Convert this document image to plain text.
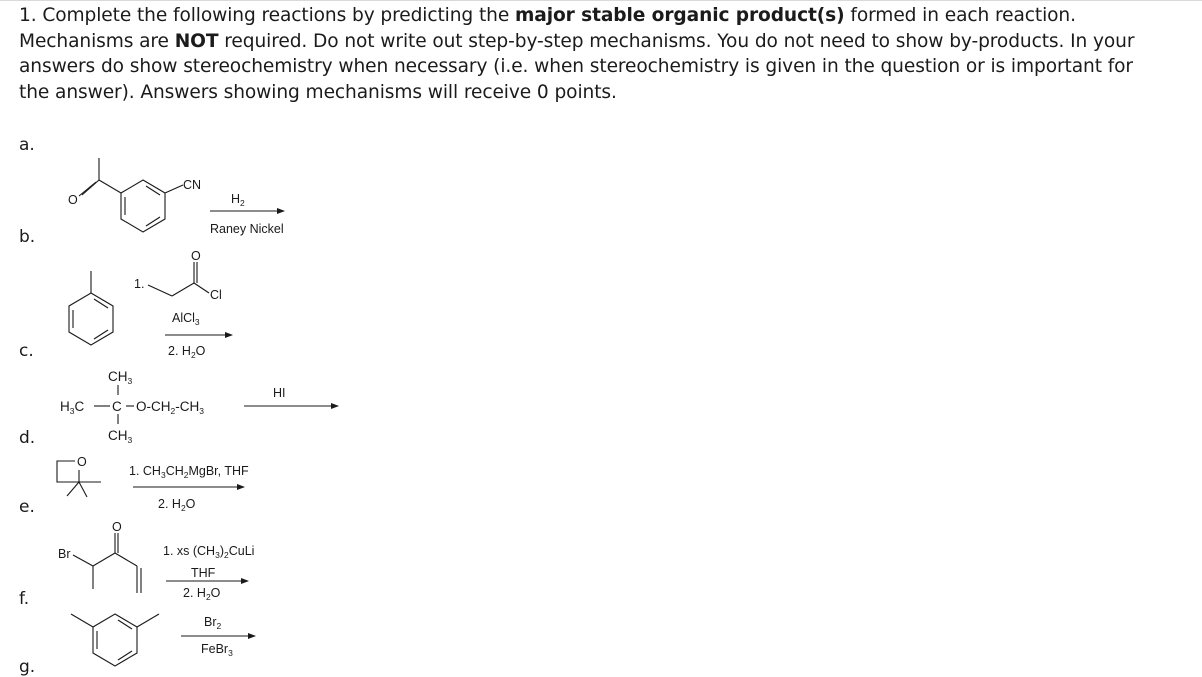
1. Complete the following reactions by predicting the major stable organic product(s) formed in each reaction.
Mechanisms are NOT required. Do not write out step-by-step mechanisms. You do not need to show by-products. In your
answers do show stereochemistry when necessary (i.e. when stereochemistry is given in the question or is important for
the answer). Answers showing mechanisms will receive 0 points.
a.
b.
c.
d.
e.
f.
g.
O
CN
$H_2$
Raney Nickel
1.
O
Cl
AlCl$_3$
2. $H_2O$
$CH_3$
$H_3C$ C $O-CH_2-CH_3$
$CH_3$
HI
O
1. $CH_3CH_2MgBr$, THF
2. $H_2O$
Br
O
1. xs $(CH_3)_2CuLi$
THF
2. $H_2O$
$Br_2$
FeBr$_3$
